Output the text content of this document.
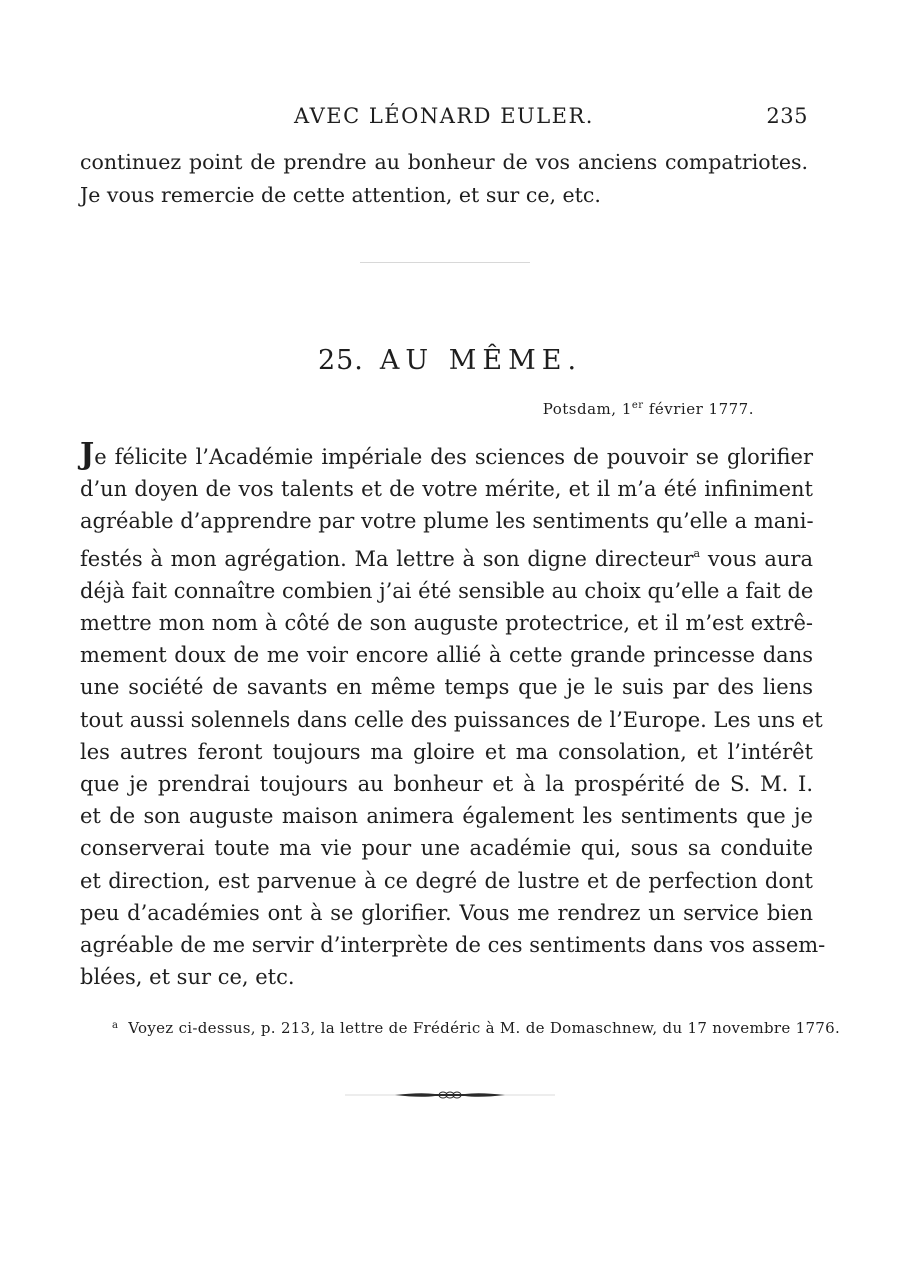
AVEC LÉONARD EULER.	235
continuez point de prendre au bonheur de vos anciens compatriotes.
Je vous remercie de cette attention, et sur ce, etc.
25. AU MÊME.
Potsdam, 1er février 1777.
Je félicite l’Académie impériale des sciences de pouvoir se glorifier
d’un doyen de vos talents et de votre mérite, et il m’a été infiniment
agréable d’apprendre par votre plume les sentiments qu’elle a mani-
festés à mon agrégation. Ma lettre à son digne directeur$^a$ vous aura
déjà fait connaître combien j’ai été sensible au choix qu’elle a fait de
mettre mon nom à côté de son auguste protectrice, et il m’est extrê-
mement doux de me voir encore allié à cette grande princesse dans
une société de savants en même temps que je le suis par des liens
tout aussi solennels dans celle des puissances de l’Europe. Les uns et
les autres feront toujours ma gloire et ma consolation, et l’intérêt
que je prendrai toujours au bonheur et à la prospérité de S. M. I.
et de son auguste maison animera également les sentiments que je
conserverai toute ma vie pour une académie qui, sous sa conduite
et direction, est parvenue à ce degré de lustre et de perfection dont
peu d’académies ont à se glorifier. Vous me rendrez un service bien
agréable de me servir d’interprète de ces sentiments dans vos assem-
blées, et sur ce, etc.
$^a$ Voyez ci-dessus, p. 213, la lettre de Frédéric à M. de Domaschnew, du 17 novembre 1776.
